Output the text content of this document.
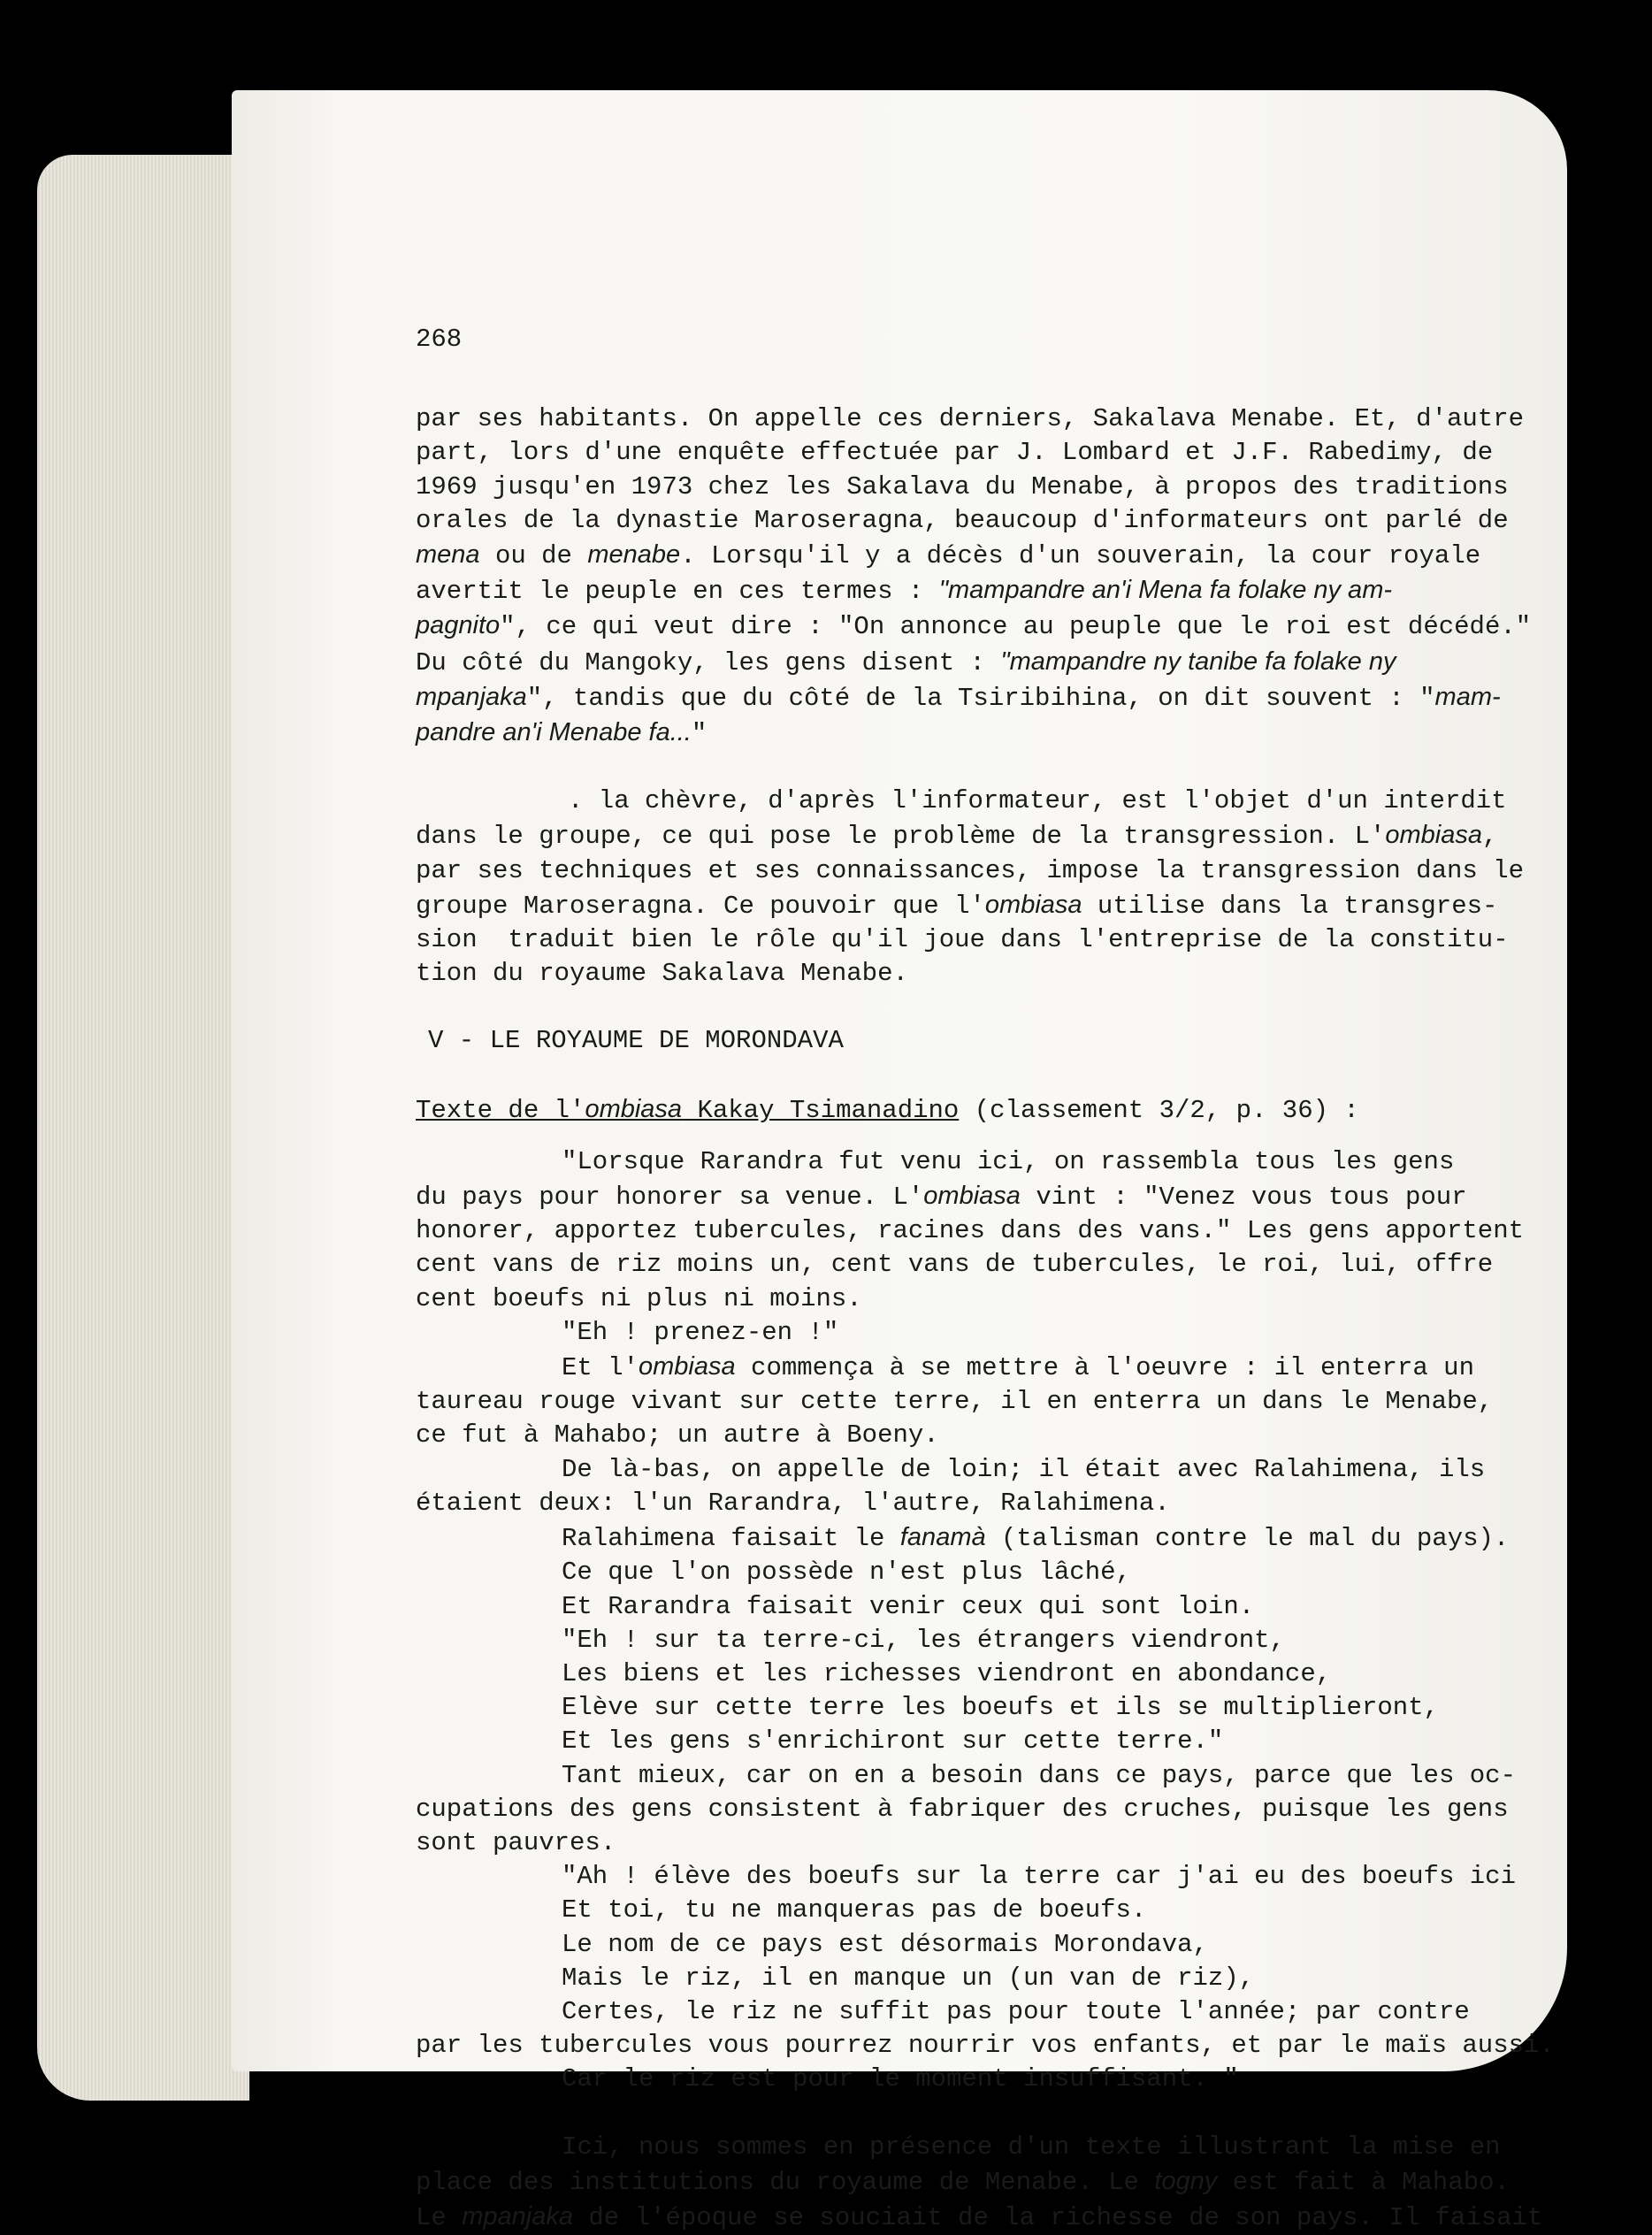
268

par ses habitants. On appelle ces derniers, Sakalava Menabe. Et, d'autre

part, lors d'une enquête effectuée par J. Lombard et J.F. Rabedimy, de

1969 jusqu'en 1973 chez les Sakalava du Menabe, à propos des traditions

orales de la dynastie Maroseragna, beaucoup d'informateurs ont parlé de

mena ou de menabe. Lorsqu'il y a décès d'un souverain, la cour royale

avertit le peuple en ces termes : "mampandre an'i Mena fa folake ny am-

pagnito", ce qui veut dire : "On annonce au peuple que le roi est décédé."

Du côté du Mangoky, les gens disent : "mampandre ny tanibe fa folake ny

mpanjaka", tandis que du côté de la Tsiribihina, on dit souvent : "mam-

pandre an'i Menabe fa..."

. la chèvre, d'après l'informateur, est l'objet d'un interdit

dans le groupe, ce qui pose le problème de la transgression. L'ombiasa,

par ses techniques et ses connaissances, impose la transgression dans le

groupe Maroseragna. Ce pouvoir que l'ombiasa utilise dans la transgres-

sion  traduit bien le rôle qu'il joue dans l'entreprise de la constitu-

tion du royaume Sakalava Menabe.

V - LE ROYAUME DE MORONDAVA

Texte de l'ombiasa Kakay Tsimanadino (classement 3/2, p. 36) :

"Lorsque Rarandra fut venu ici, on rassembla tous les gens

du pays pour honorer sa venue. L'ombiasa vint : "Venez vous tous pour

honorer, apportez tubercules, racines dans des vans." Les gens apportent

cent vans de riz moins un, cent vans de tubercules, le roi, lui, offre

cent boeufs ni plus ni moins.

"Eh ! prenez-en !"

Et l'ombiasa commença à se mettre à l'oeuvre : il enterra un

taureau rouge vivant sur cette terre, il en enterra un dans le Menabe,

ce fut à Mahabo; un autre à Boeny.

De là-bas, on appelle de loin; il était avec Ralahimena, ils

étaient deux: l'un Rarandra, l'autre, Ralahimena.

Ralahimena faisait le fanamà (talisman contre le mal du pays).

Ce que l'on possède n'est plus lâché,

Et Rarandra faisait venir ceux qui sont loin.

"Eh ! sur ta terre-ci, les étrangers viendront,

Les biens et les richesses viendront en abondance,

Elève sur cette terre les boeufs et ils se multiplieront,

Et les gens s'enrichiront sur cette terre."

Tant mieux, car on en a besoin dans ce pays, parce que les oc-

cupations des gens consistent à fabriquer des cruches, puisque les gens

sont pauvres.

"Ah ! élève des boeufs sur la terre car j'ai eu des boeufs ici

Et toi, tu ne manqueras pas de boeufs.

Le nom de ce pays est désormais Morondava,

Mais le riz, il en manque un (un van de riz),

Certes, le riz ne suffit pas pour toute l'année; par contre

par les tubercules vous pourrez nourrir vos enfants, et par le maïs aussi.

Car le riz est pour le moment insuffisant. "

Ici, nous sommes en présence d'un texte illustrant la mise en

place des institutions du royaume de Menabe. Le togny est fait à Mahabo.

Le mpanjaka de l'époque se souciait de la richesse de son pays. Il faisait
